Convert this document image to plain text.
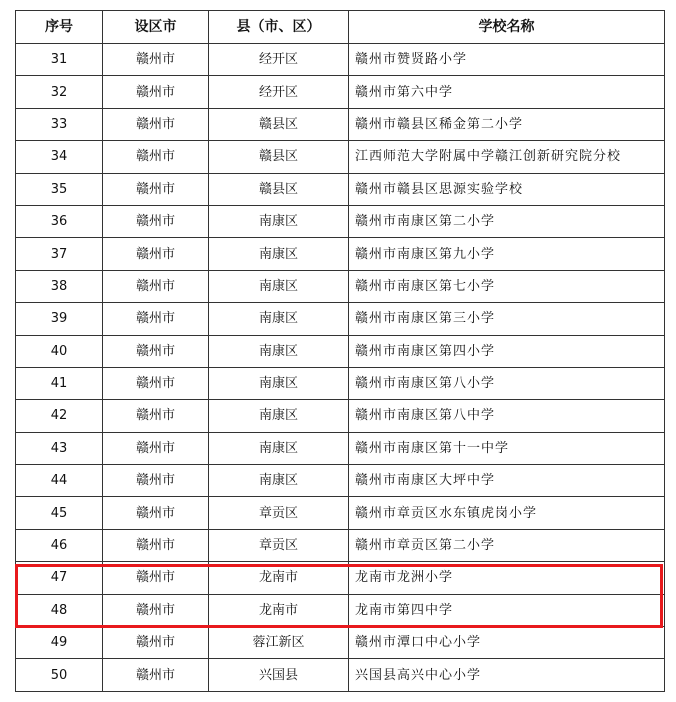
序号	设区市	县（市、区）	学校名称
31	赣州市	经开区	赣州市赞贤路小学
32	赣州市	经开区	赣州市第六中学
33	赣州市	赣县区	赣州市赣县区稀金第二小学
34	赣州市	赣县区	江西师范大学附属中学赣江创新研究院分校
35	赣州市	赣县区	赣州市赣县区思源实验学校
36	赣州市	南康区	赣州市南康区第二小学
37	赣州市	南康区	赣州市南康区第九小学
38	赣州市	南康区	赣州市南康区第七小学
39	赣州市	南康区	赣州市南康区第三小学
40	赣州市	南康区	赣州市南康区第四小学
41	赣州市	南康区	赣州市南康区第八小学
42	赣州市	南康区	赣州市南康区第八中学
43	赣州市	南康区	赣州市南康区第十一中学
44	赣州市	南康区	赣州市南康区大坪中学
45	赣州市	章贡区	赣州市章贡区水东镇虎岗小学
46	赣州市	章贡区	赣州市章贡区第二小学
47	赣州市	龙南市	龙南市龙洲小学
48	赣州市	龙南市	龙南市第四中学
49	赣州市	蓉江新区	赣州市潭口中心小学
50	赣州市	兴国县	兴国县高兴中心小学
